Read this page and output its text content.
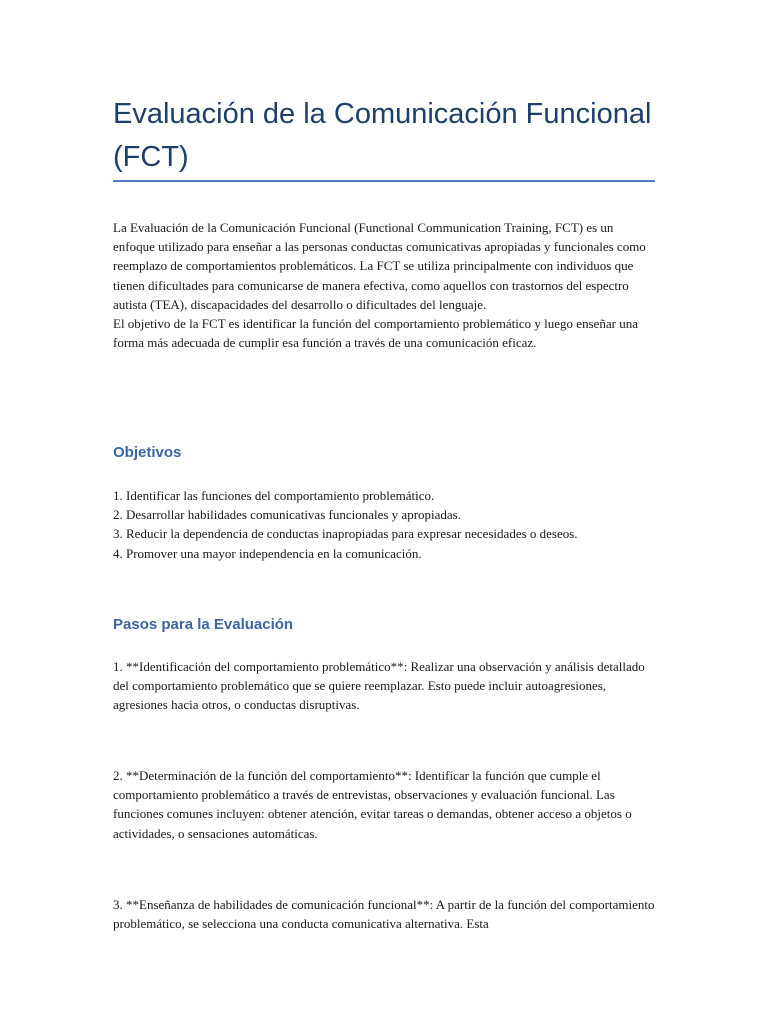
Evaluación de la Comunicación Funcional (FCT)

La Evaluación de la Comunicación Funcional (Functional Communication Training, FCT) es un enfoque utilizado para enseñar a las personas conductas comunicativas apropiadas y funcionales como reemplazo de comportamientos problemáticos. La FCT se utiliza principalmente con individuos que tienen dificultades para comunicarse de manera efectiva, como aquellos con trastornos del espectro autista (TEA), discapacidades del desarrollo o dificultades del lenguaje.

El objetivo de la FCT es identificar la función del comportamiento problemático y luego enseñar una forma más adecuada de cumplir esa función a través de una comunicación eficaz.

Objetivos
1. Identificar las funciones del comportamiento problemático.
2. Desarrollar habilidades comunicativas funcionales y apropiadas.
3. Reducir la dependencia de conductas inapropiadas para expresar necesidades o deseos.
4. Promover una mayor independencia en la comunicación.
Pasos para la Evaluación

1. **Identificación del comportamiento problemático**: Realizar una observación y análisis detallado del comportamiento problemático que se quiere reemplazar. Esto puede incluir autoagresiones, agresiones hacia otros, o conductas disruptivas.

2. **Determinación de la función del comportamiento**: Identificar la función que cumple el comportamiento problemático a través de entrevistas, observaciones y evaluación funcional. Las funciones comunes incluyen: obtener atención, evitar tareas o demandas, obtener acceso a objetos o actividades, o sensaciones automáticas.

3. **Enseñanza de habilidades de comunicación funcional**: A partir de la función del comportamiento problemático, se selecciona una conducta comunicativa alternativa. Esta
